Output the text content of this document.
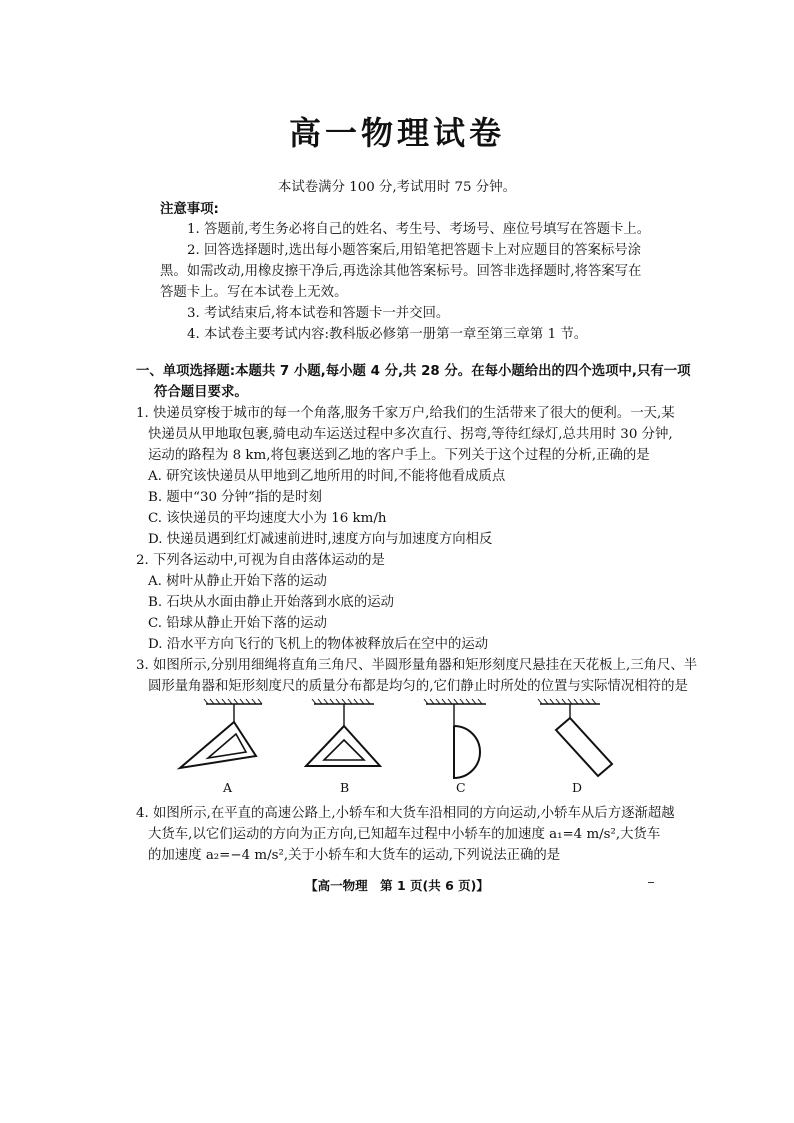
高一物理试卷
本试卷满分 100 分,考试用时 75 分钟。
注意事项:
1. 答题前,考生务必将自己的姓名、考生号、考场号、座位号填写在答题卡上。
2. 回答选择题时,选出每小题答案后,用铅笔把答题卡上对应题目的答案标号涂
黑。如需改动,用橡皮擦干净后,再选涂其他答案标号。回答非选择题时,将答案写在
答题卡上。写在本试卷上无效。
3. 考试结束后,将本试卷和答题卡一并交回。
4. 本试卷主要考试内容:教科版必修第一册第一章至第三章第 1 节。
一、单项选择题:本题共 7 小题,每小题 4 分,共 28 分。在每小题给出的四个选项中,只有一项
符合题目要求。
1. 快递员穿梭于城市的每一个角落,服务千家万户,给我们的生活带来了很大的便利。一天,某
快递员从甲地取包裹,骑电动车运送过程中多次直行、拐弯,等待红绿灯,总共用时 30 分钟,
运动的路程为 8 km,将包裹送到乙地的客户手上。下列关于这个过程的分析,正确的是
A. 研究该快递员从甲地到乙地所用的时间,不能将他看成质点
B. 题中“30 分钟”指的是时刻
C. 该快递员的平均速度大小为 16 km/h
D. 快递员遇到红灯减速前进时,速度方向与加速度方向相反
2. 下列各运动中,可视为自由落体运动的是
A. 树叶从静止开始下落的运动
B. 石块从水面由静止开始落到水底的运动
C. 铅球从静止开始下落的运动
D. 沿水平方向飞行的飞机上的物体被释放后在空中的运动
3. 如图所示,分别用细绳将直角三角尺、半圆形量角器和矩形刻度尺悬挂在天花板上,三角尺、半
圆形量角器和矩形刻度尺的质量分布都是均匀的,它们静止时所处的位置与实际情况相符的是
A	B	C	D
4. 如图所示,在平直的高速公路上,小轿车和大货车沿相同的方向运动,小轿车从后方逐渐超越
大货车,以它们运动的方向为正方向,已知超车过程中小轿车的加速度 a₁=4 m/s²,大货车
的加速度 a₂=−4 m/s²,关于小轿车和大货车的运动,下列说法正确的是
【高一物理　第 1 页(共 6 页)】
